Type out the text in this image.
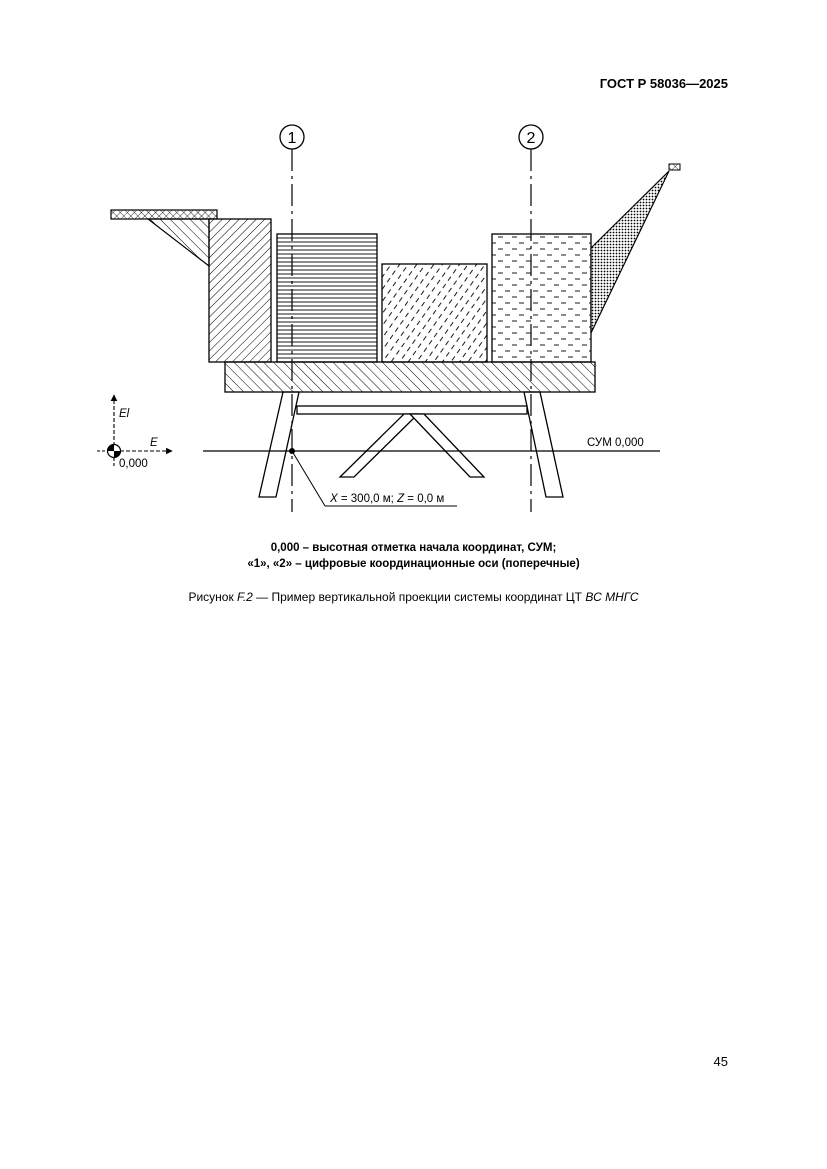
ГОСТ Р 58036—2025
СУМ 0,000
1	2
X = 300,0 м; Z = 0,0 м
El
E
0,000
0,000 – высотная отметка начала координат, СУМ;
«1», «2» – цифровые координационные оси (поперечные)
Рисунок F.2 — Пример вертикальной проекции системы координат ЦТ ВС МНГС
45
